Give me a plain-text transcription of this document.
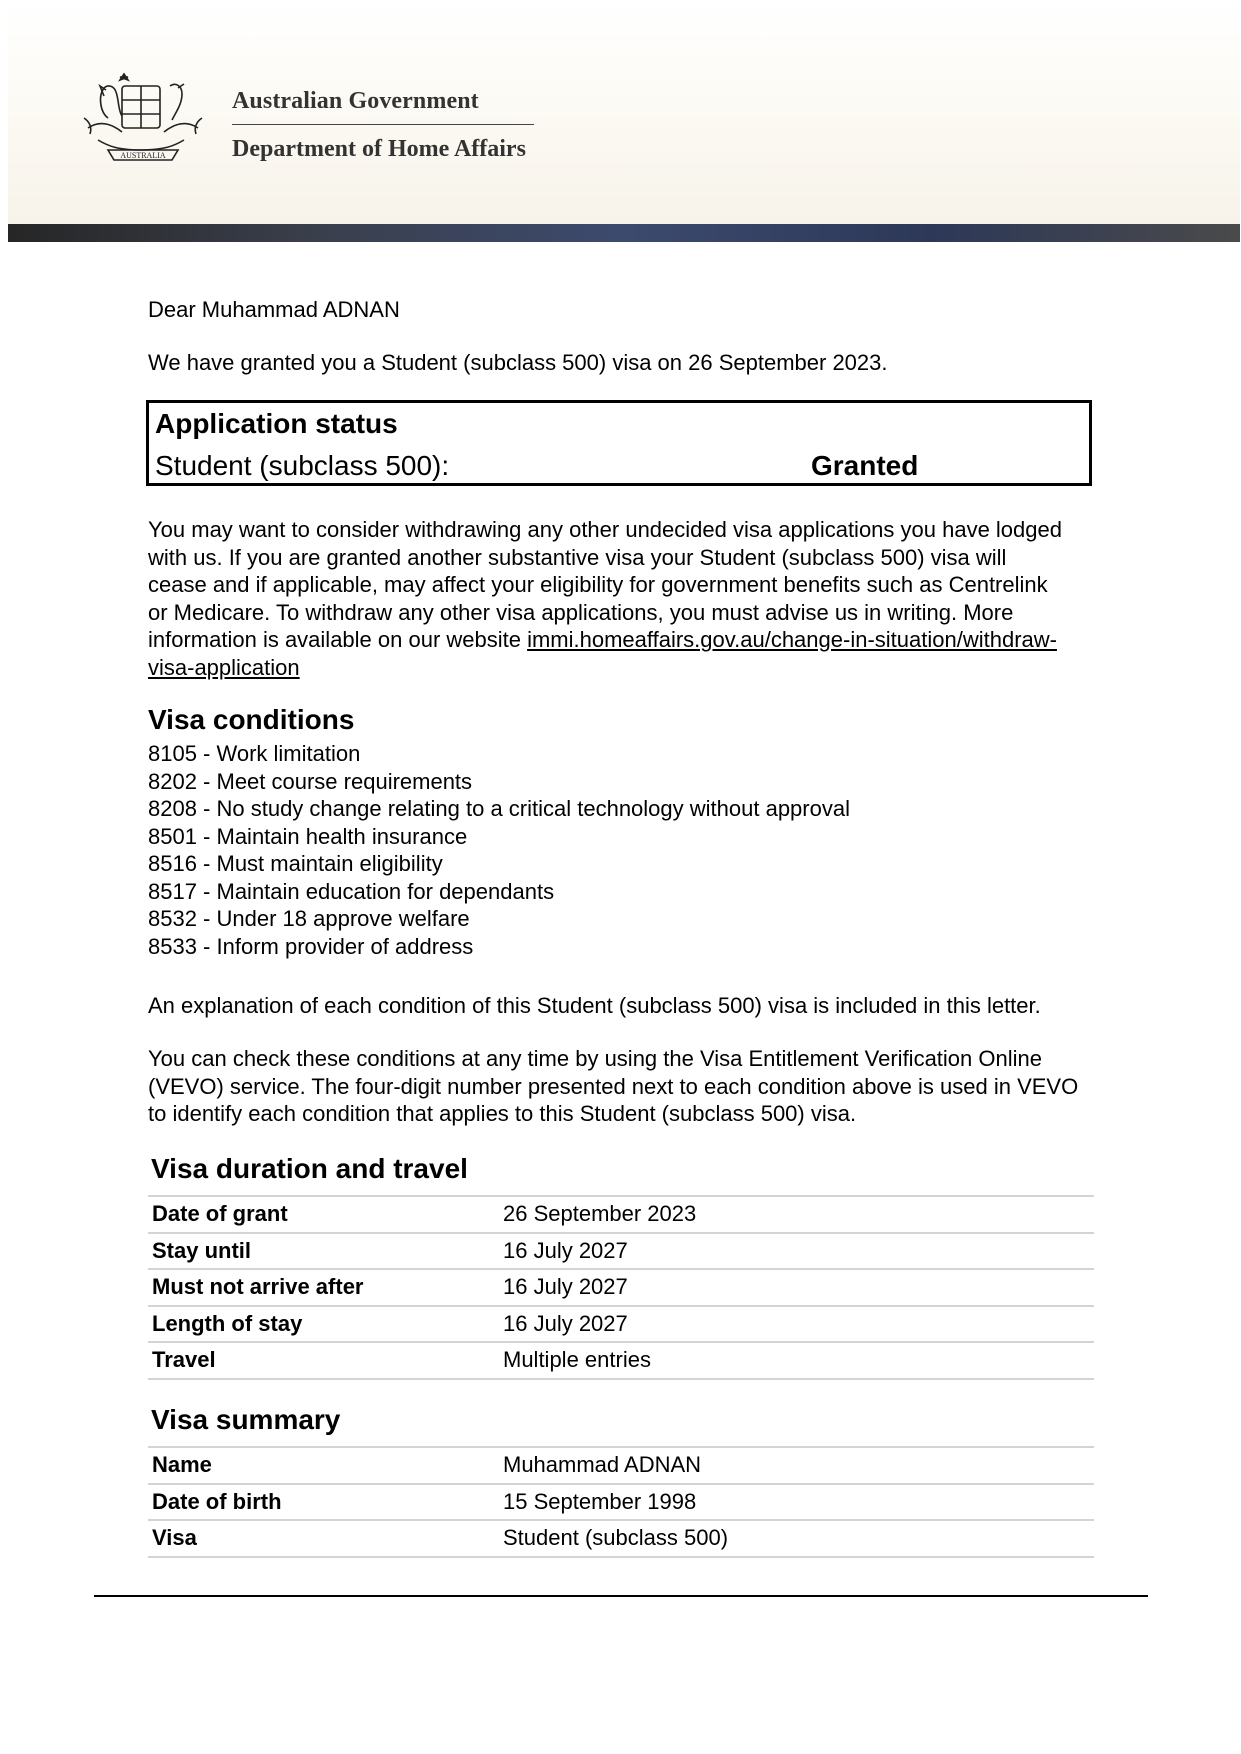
AUSTRALIA
Australian Government
Department of Home Affairs

Dear Muhammad ADNAN

We have granted you a Student (subclass 500) visa on 26 September 2023.

Application status
Student (subclass 500):	Granted

You may want to consider withdrawing any other undecided visa applications you have lodged with us. If you are granted another substantive visa your Student (subclass 500) visa will cease and if applicable, may affect your eligibility for government benefits such as Centrelink or Medicare. To withdraw any other visa applications, you must advise us in writing. More information is available on our website immi.homeaffairs.gov.au/change-in-situation/withdraw-visa-application

Visa conditions
8105 - Work limitation
8202 - Meet course requirements
8208 - No study change relating to a critical technology without approval
8501 - Maintain health insurance
8516 - Must maintain eligibility
8517 - Maintain education for dependants
8532 - Under 18 approve welfare
8533 - Inform provider of address

An explanation of each condition of this Student (subclass 500) visa is included in this letter.

You can check these conditions at any time by using the Visa Entitlement Verification Online (VEVO) service. The four-digit number presented next to each condition above is used in VEVO to identify each condition that applies to this Student (subclass 500) visa.

Visa duration and travel
Date of grant	26 September 2023
Stay until	16 July 2027
Must not arrive after	16 July 2027
Length of stay	16 July 2027
Travel	Multiple entries
Visa summary
Name	Muhammad ADNAN
Date of birth	15 September 1998
Visa	Student (subclass 500)
